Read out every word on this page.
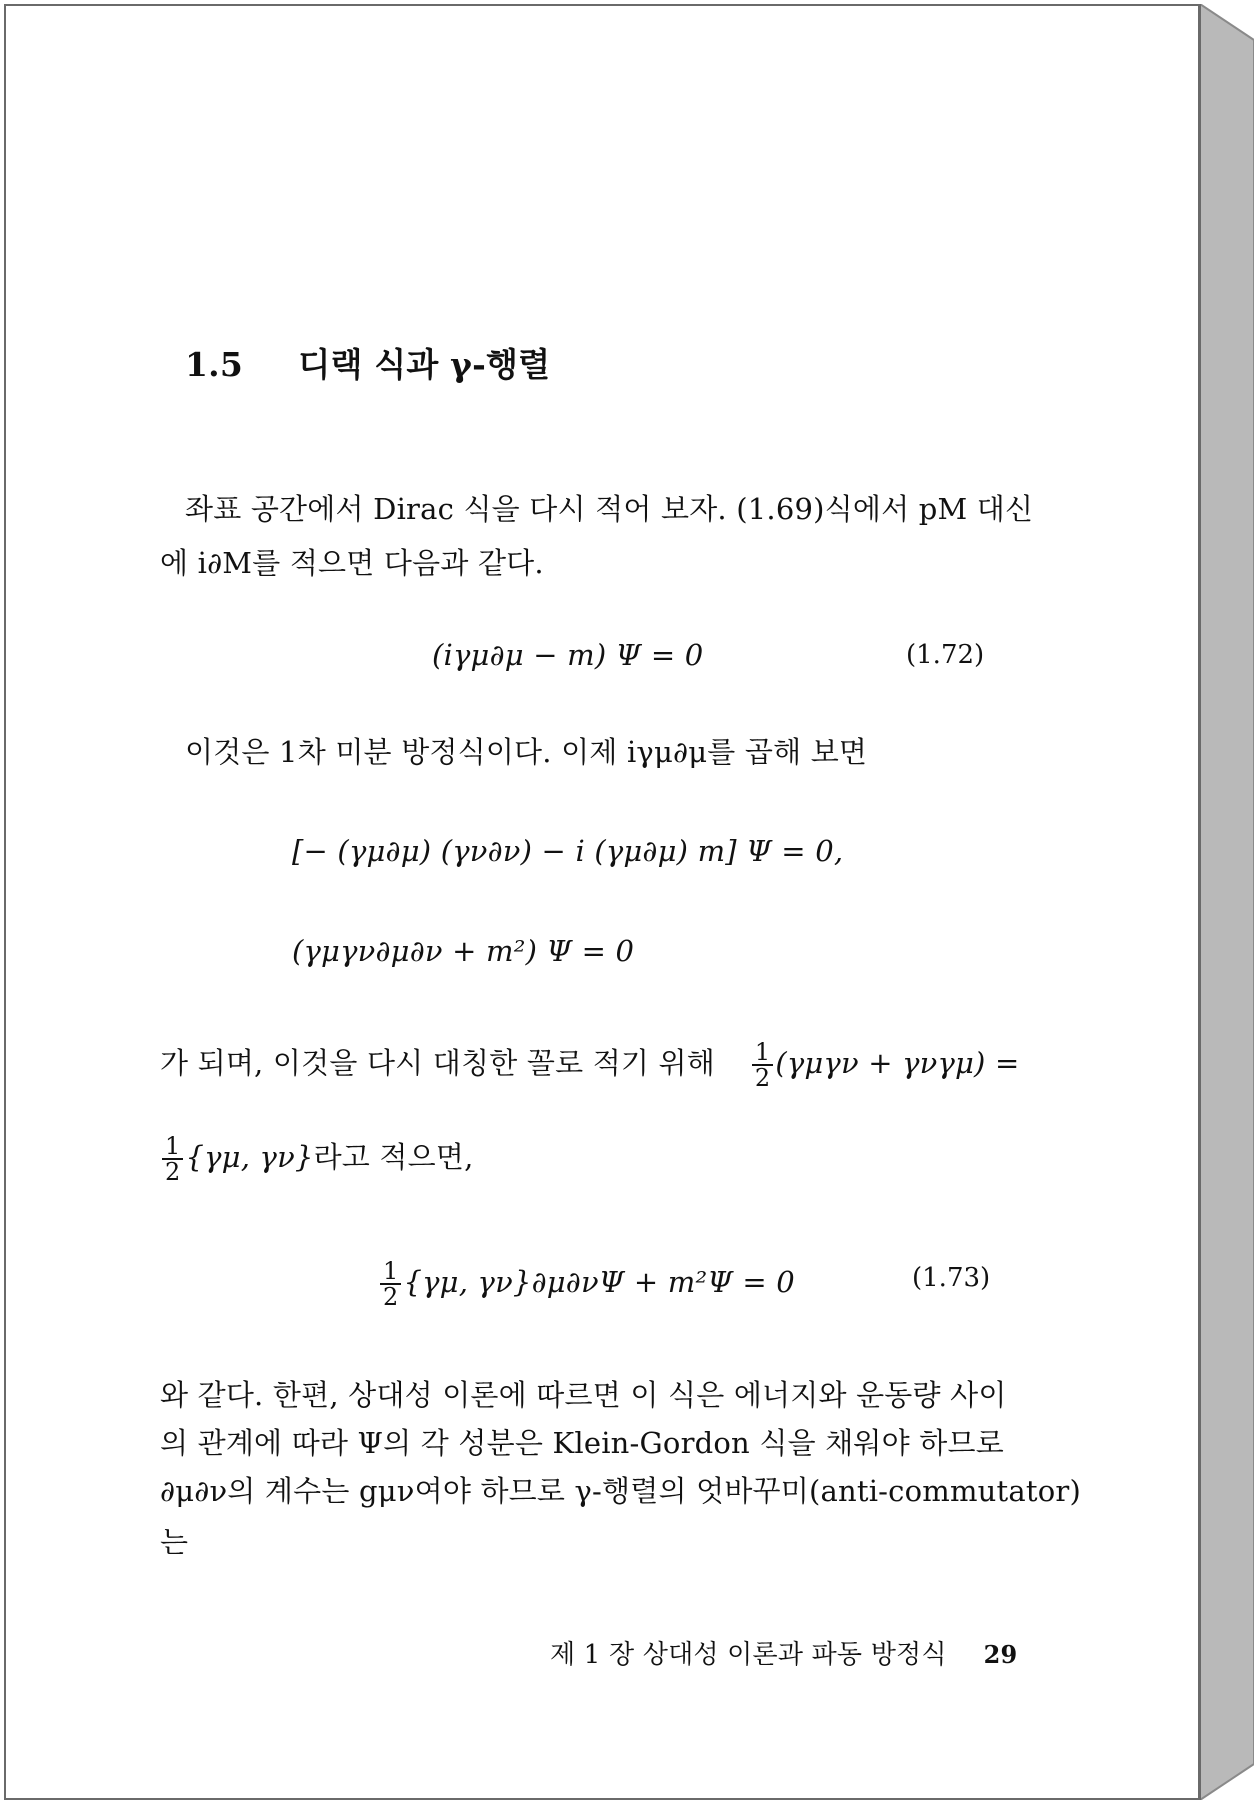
1.5 디랙 식과 γ-행렬
좌표 공간에서 Dirac 식을 다시 적어 보자. (1.69)식에서 pM 대신
에 i∂M를 적으면 다음과 같다.
(iγμ∂μ − m) Ψ = 0	(1.72)
이것은 1차 미분 방정식이다. 이제 iγμ∂μ를 곱해 보면
[− (γμ∂μ) (γν∂ν) − i (γμ∂μ) m] Ψ = 0,
(γμγν∂μ∂ν + m²) Ψ = 0
가 되며, 이것을 다시 대칭한 꼴로 적기 위해 $\frac{1}{2} (\gamma\mu\gamma\nu + \gamma\nu\gamma\mu)$ =
$\frac{1}{2} \{\gamma\mu$, γν}라고 적으면,
$\frac{1}{2} \{\gamma\mu$, γν}∂μ∂νΨ + m²Ψ = 0	(1.73)
와 같다. 한편, 상대성 이론에 따르면 이 식은 에너지와 운동량 사이
의 관계에 따라 Ψ의 각 성분은 Klein-Gordon 식을 채워야 하므로
∂μ∂ν의 계수는 gμν여야 하므로 γ-행렬의 엇바꾸미(anti-commutator)
는
제 1 장 상대성 이론과 파동 방정식 29
